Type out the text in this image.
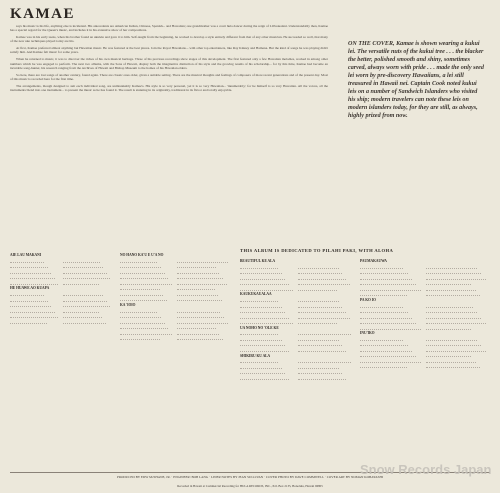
KAMAE

says his music is his life, anything else is incidental. His antecedents are American Indian, Chinese, Spanish... and Hawaiian; one grandmother was a court hula dancer during the reign of Lili'uokalani. Understandably then, Kamae has a special regard for the Queen's music, and includes it in his extensive show of her compositions.

Kamae was in his early teens, when his brother found an ukulele and gave it to him. Self-taught from the beginning, he worked to develop a style entirely different from that of any other musician. He succeeded so well, that many of the new uke techniques played today are his.

At first, Kamae preferred almost anything but Hawaiian music. He was featured at the best places. Join the Royal Hawaiians... with other top entertainers, like Ray Kinney and Hamana. But the kind of songs he was playing didn't satisfy him. And Kamae felt music for some years.

When he returned to music, it was to discover the riches of his own musical heritage. Three of his previous recordings show stages of this development. The first featured only a few Hawaiian melodies, worked in among other numbers which he was engaged to perform. The next two albums, with the Sons of Hawaii, display both the imaginative distinction of his style and the growing results of his scholarship... for by this time, Kamae had become an incurable song-hunter, his research ranging from the Archives of Hawaii and Bishop Museum to the homes of his Hawaiian elders.

So here, there are lost songs of another century, found again. There are classic ones older, given a suitable setting. There are the musical thoughts and feelings of composers of more recent generations and of the present day. Most of this music is recorded here for the first time.

The arrangements, though designed to suit each individual song, are unmistakably Kamae's. His style is so very personal, yet it is so very Hawaiian... 'innumerably,' for he himself is so very Hawaiian. All the voices, all the instruments blend into one instrument... to present the music as he has found it. The result is stunning in its originality, traditional in its flavor and totally enjoyable.

ON THE COVER, Kamae is shown wearing a kukui lei. The versatile nuts of the kukui tree . . . the blacker the better, polished smooth and shiny, sometimes carved, always worn with pride . . . made the only seed lei worn by pre-discovery Hawaiians, a lei still treasured in Hawaii nei. Captain Cook noted kukui leis on a number of Sandwich Islanders who visited his ship; modern travelers can note these leis on modern islanders today, for they are still, as always, highly prized from now.
THIS ALBUM IS DEDICATED TO PILAHI PAKI, WITH ALOHA
AIE LAU MAKANI
HE HUAWE AO KUAPA
NO HANO KA'U E U'A NO
KA 'IOIO
BEAUTIFUL KE ALA
KAUKUKAUALAA
UA NOHO NO 'OLE KE
SHIKIRU KU ALA
PAUMAKAUWA
PA KO IO
INU'IKO
PRODUCED BY EDW McSHANE, JR. · ENGINEER: BOB LANG · LINER NOTES BY JEAN SULLIVAN · COVER PHOTO BY DAVE COMMWELL · COVER ART BY NOMAN KOBAYASHI
Recorded in Hawaii at Commercial Recording for HULA RECORDS, INC., P.O. Box 2135, Honolulu, Hawaii 96805
Snow Records Japan
